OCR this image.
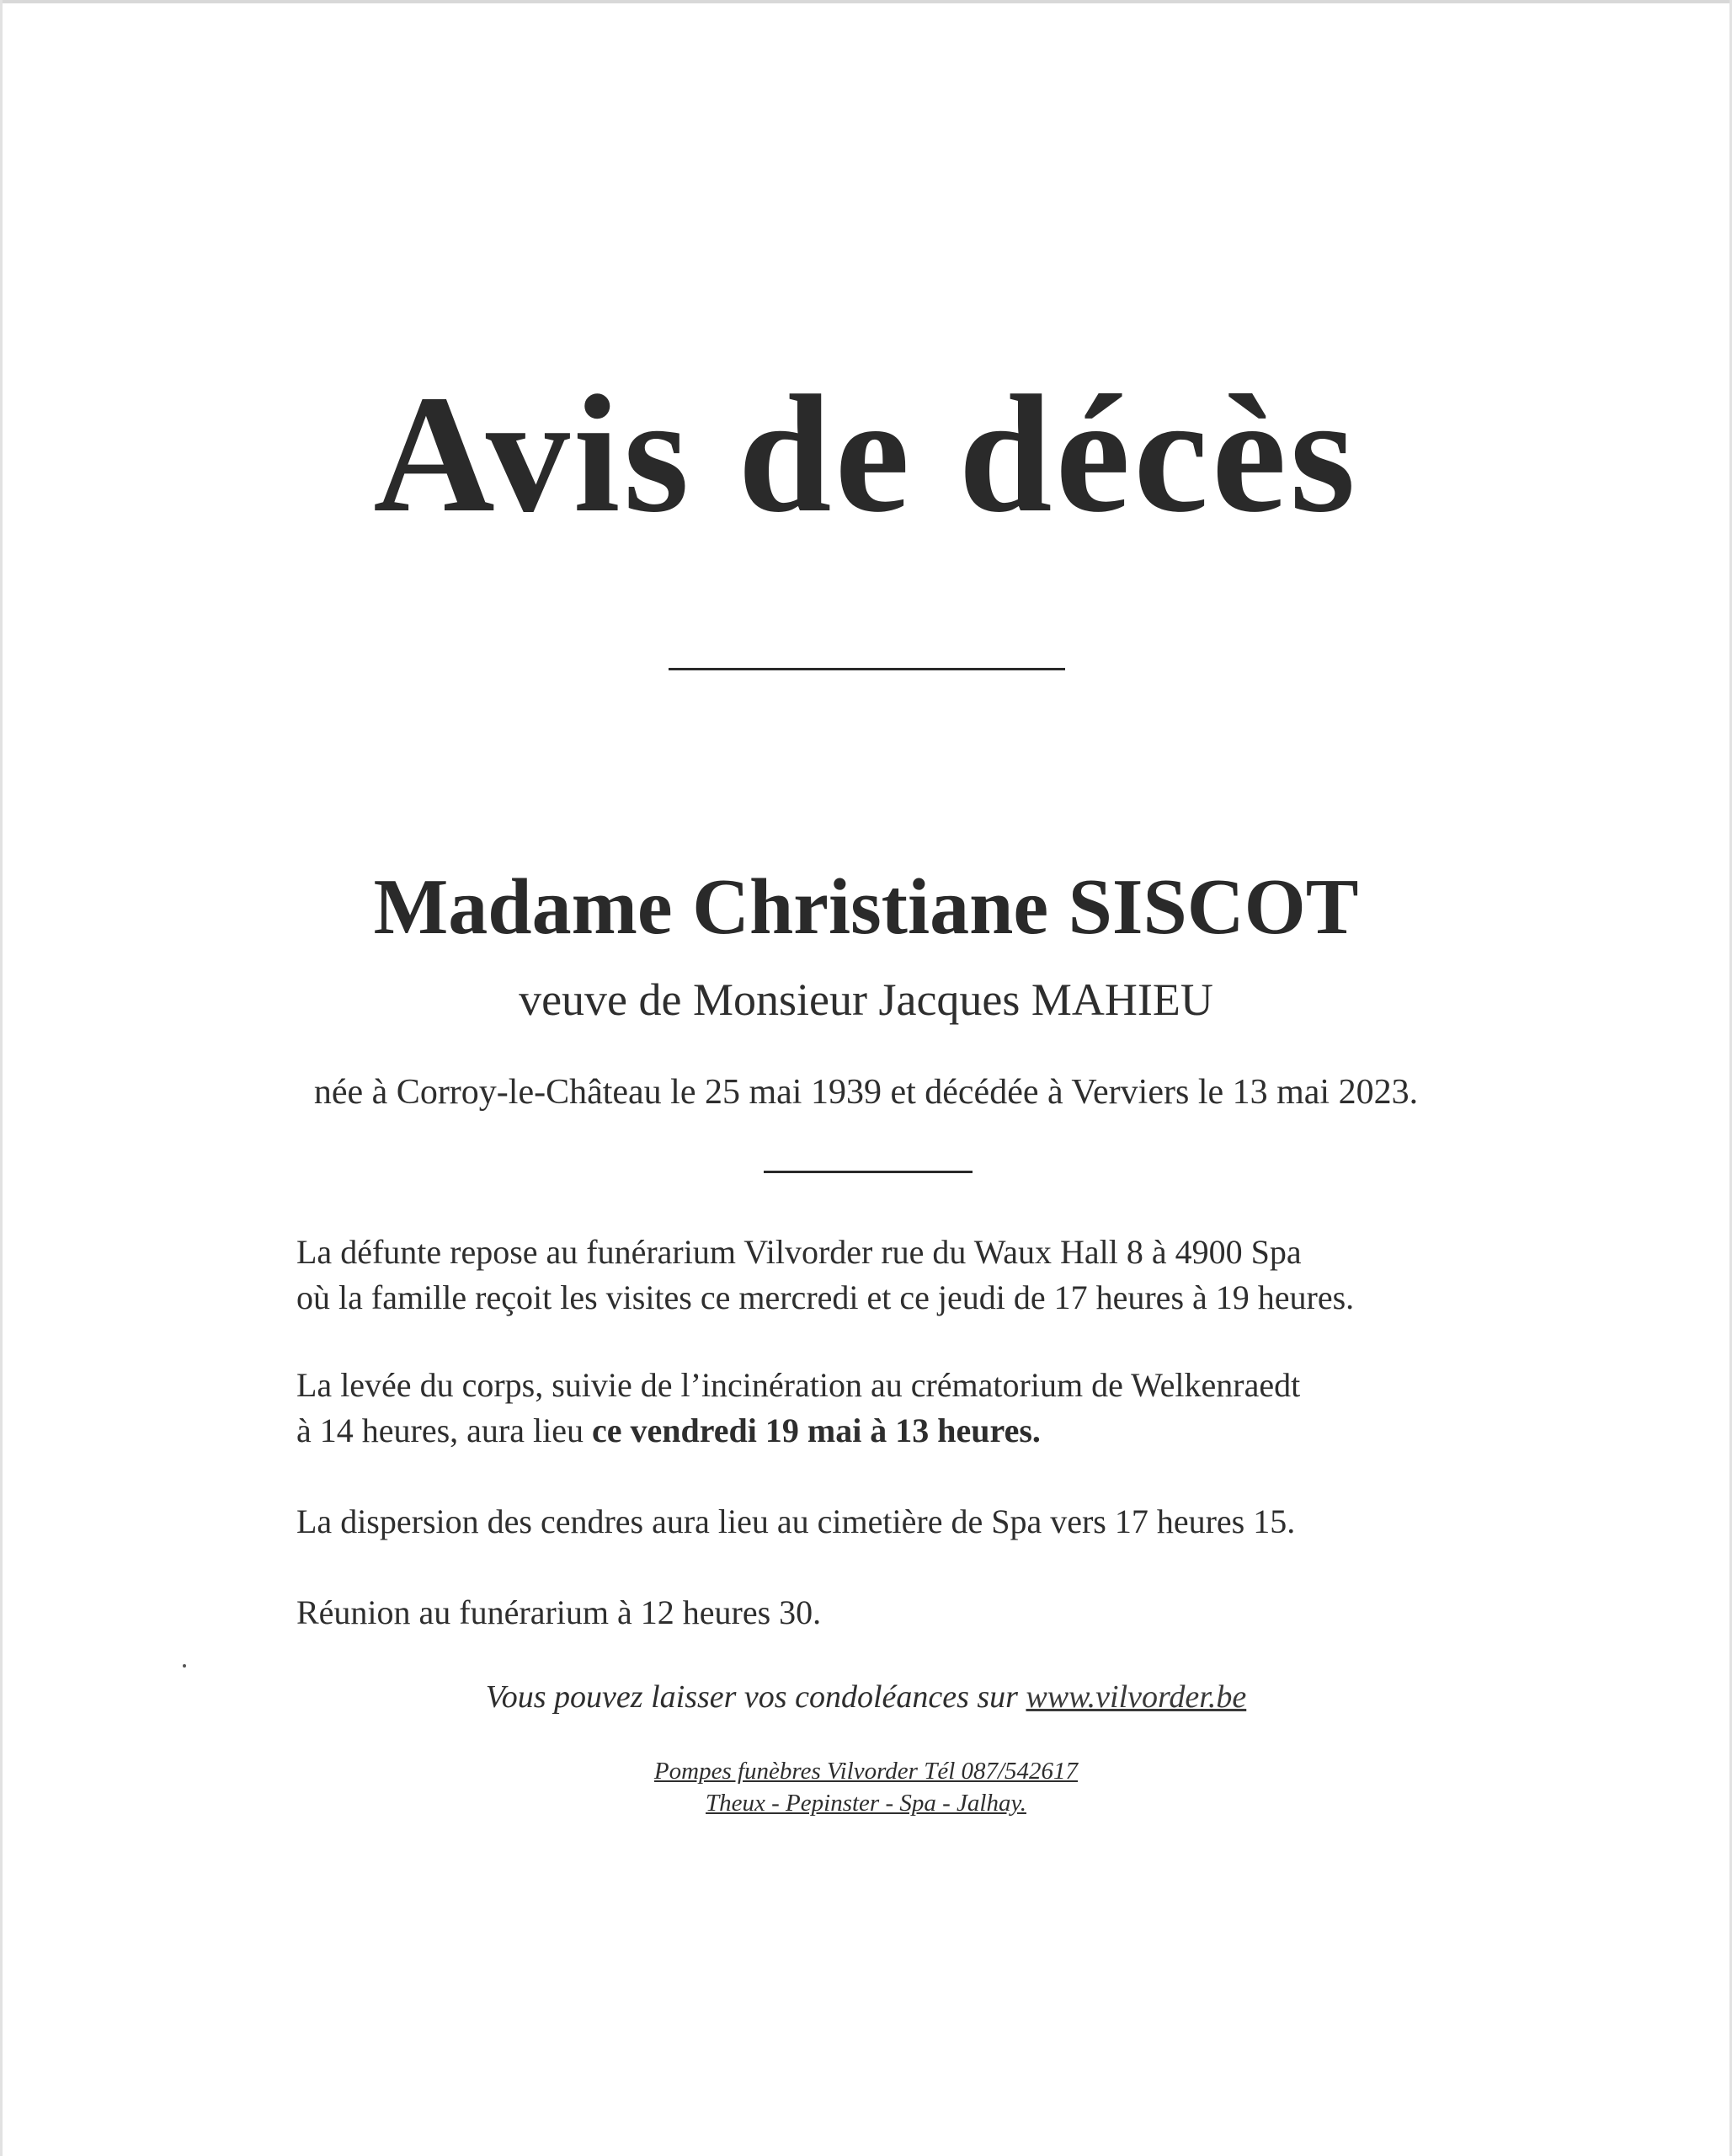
Avis de décès
Madame Christiane SISCOT
veuve de Monsieur Jacques MAHIEU
née à Corroy-le-Château le 25 mai 1939 et décédée à Verviers le 13 mai 2023.
La défunte repose au funérarium Vilvorder rue du Waux Hall 8 à 4900 Spa
où la famille reçoit les visites ce mercredi et ce jeudi de 17 heures à 19 heures.
La levée du corps, suivie de l’incinération au crématorium de Welkenraedt
à 14 heures, aura lieu ce vendredi 19 mai à 13 heures.
La dispersion des cendres aura lieu au cimetière de Spa vers 17 heures 15.
Réunion au funérarium à 12 heures 30.
Vous pouvez laisser vos condoléances sur www.vilvorder.be
Pompes funèbres Vilvorder Tél 087/542617
Theux - Pepinster - Spa - Jalhay.
